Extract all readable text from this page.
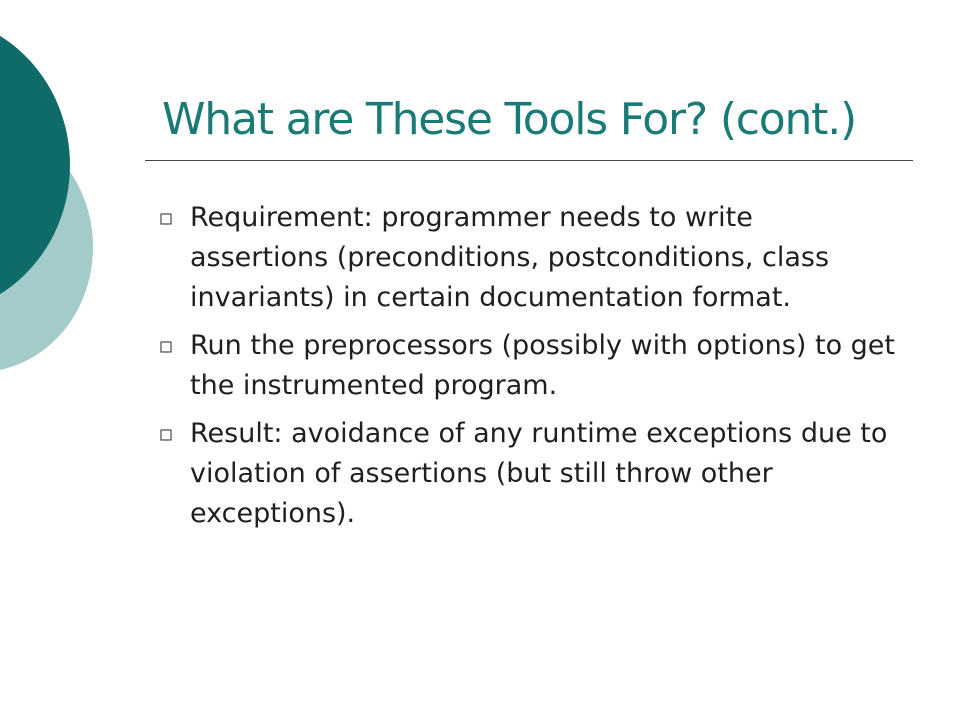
What are These Tools For? (cont.)
Requirement: programmer needs to write assertions (preconditions, postconditions, class invariants) in certain documentation format.
Run the preprocessors (possibly with options) to get the instrumented program.
Result: avoidance of any runtime exceptions due to violation of assertions (but still throw other exceptions).
